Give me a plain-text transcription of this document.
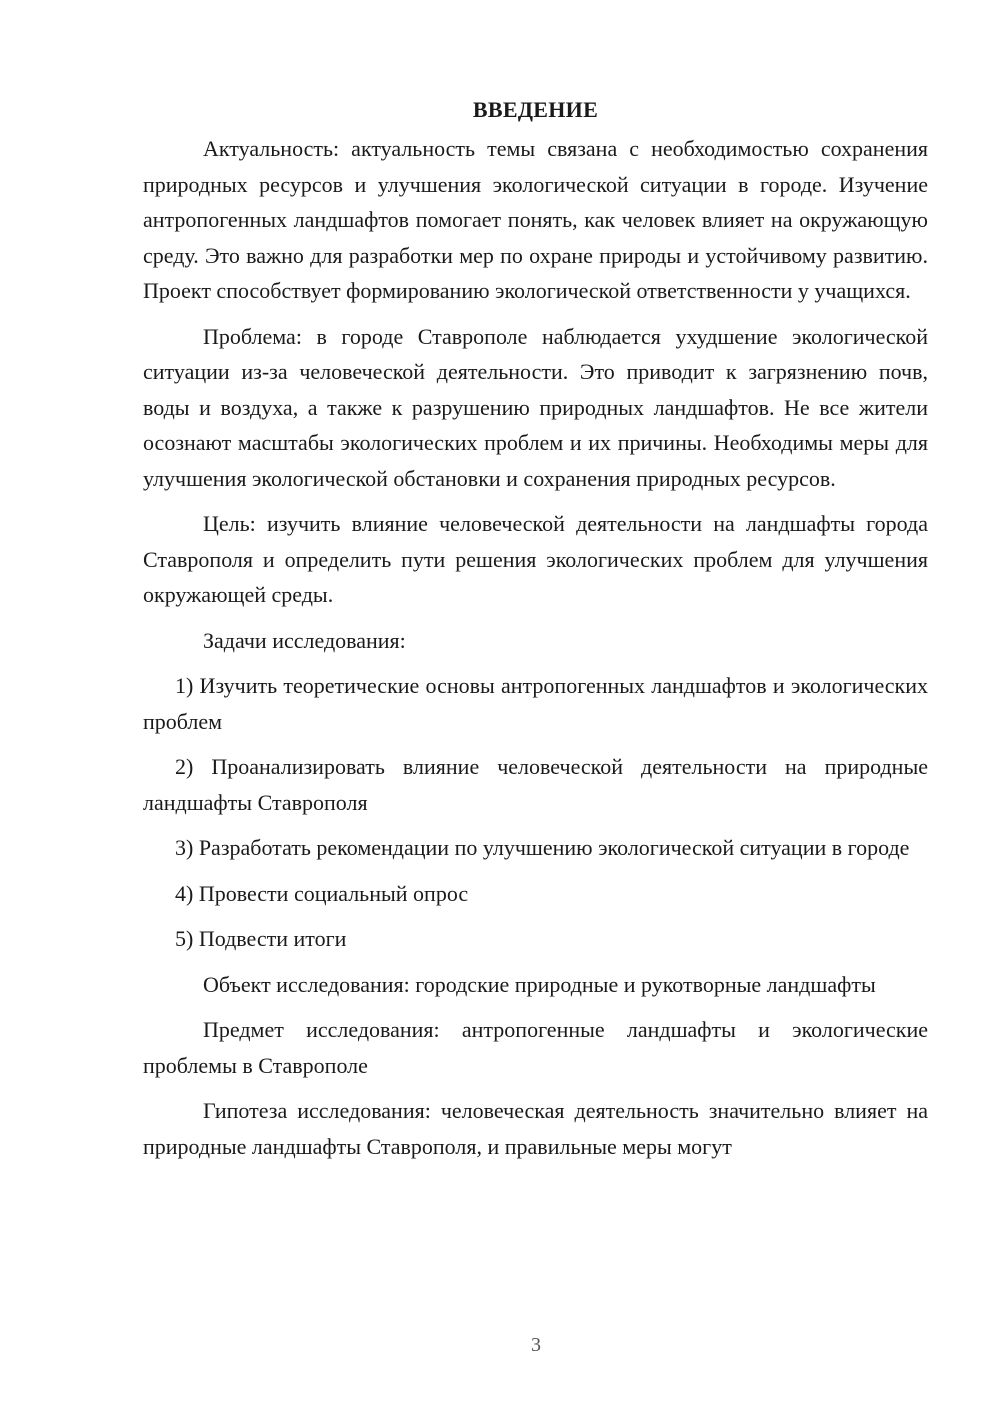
ВВЕДЕНИЕ

Актуальность: актуальность темы связана с необходимостью сохранения природных ресурсов и улучшения экологической ситуации в городе. Изучение антропогенных ландшафтов помогает понять, как человек влияет на окружающую среду. Это важно для разработки мер по охране природы и устойчивому развитию. Проект способствует формированию экологической ответственности у учащихся.

Проблема: в городе Ставрополе наблюдается ухудшение экологической ситуации из-за человеческой деятельности. Это приводит к загрязнению почв, воды и воздуха, а также к разрушению природных ландшафтов. Не все жители осознают масштабы экологических проблем и их причины. Необходимы меры для улучшения экологической обстановки и сохранения природных ресурсов.

Цель: изучить влияние человеческой деятельности на ландшафты города Ставрополя и определить пути решения экологических проблем для улучшения окружающей среды.

Задачи исследования:

1) Изучить теоретические основы антропогенных ландшафтов и экологических проблем

2) Проанализировать влияние человеческой деятельности на природные ландшафты Ставрополя

3) Разработать рекомендации по улучшению экологической ситуации в городе

4) Провести социальный опрос

5) Подвести итоги

Объект исследования: городские природные и рукотворные ландшафты

Предмет исследования: антропогенные ландшафты и экологические проблемы в Ставрополе

Гипотеза исследования: человеческая деятельность значительно влияет на природные ландшафты Ставрополя, и правильные меры могут

3
